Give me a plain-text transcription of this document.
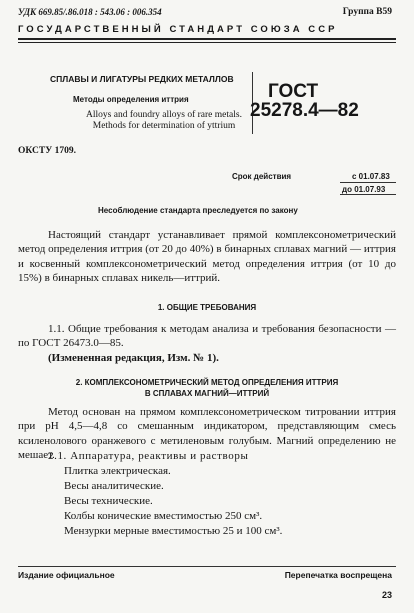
УДК 669.85/.86.018 : 543.06 : 006.354	Группа В59
ГОСУДАРСТВЕННЫЙ СТАНДАРТ СОЮЗА ССР
СПЛАВЫ И ЛИГАТУРЫ РЕДКИХ МЕТАЛЛОВ
Методы определения иттрия
Alloys and foundry alloys of rare metals.
Methods for determination of yttrium
ГОСТ
25278.4—82
ОКСТУ 1709.
Срок действия	с 01.07.83
до 01.07.93
Несоблюдение стандарта преследуется по закону
Настоящий стандарт устанавливает прямой комплексонометрический метод определения иттрия (от 20 до 40%) в бинарных сплавах магний — иттрия и косвенный комплексонометрический метод определения иттрия (от 10 до 15%) в бинарных сплавах никель—иттрий.
1. ОБЩИЕ ТРЕБОВАНИЯ
1.1. Общие требования к методам анализа и требования безопасности — по ГОСТ 26473.0—85.
(Измененная редакция, Изм. № 1).
2. КОМПЛЕКСОНОМЕТРИЧЕСКИЙ МЕТОД ОПРЕДЕЛЕНИЯ ИТТРИЯ
В СПЛАВАХ МАГНИЙ—ИТТРИЙ
Метод основан на прямом комплексонометрическом титровании иттрия при рН 4,5—4,8 со смешанным индикатором, представляющим смесь ксиленолового оранжевого с метиленовым голубым. Магний определению не мешает.
2.1. Аппаратура, реактивы и растворы
Плитка электрическая.
Весы аналитические.
Весы технические.
Колбы конические вместимостью 250 см³.
Мензурки мерные вместимостью 25 и 100 см³.
Издание официальное	Перепечатка воспрещена
23
